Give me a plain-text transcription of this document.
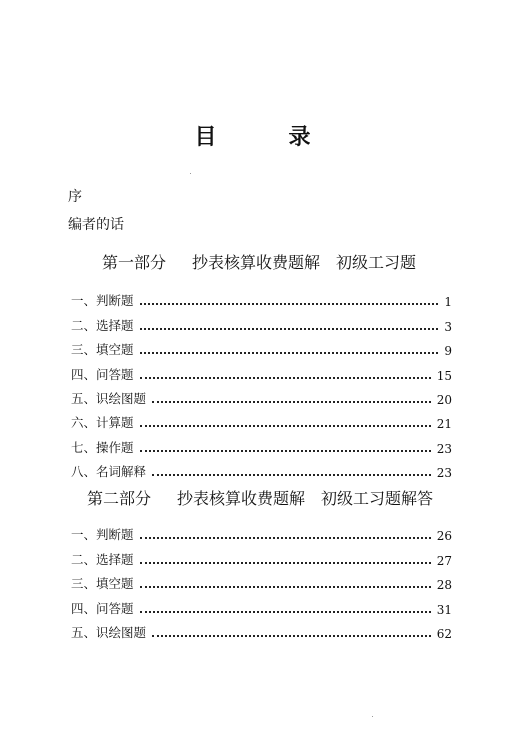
目	录
序
编者的话
第一部分 抄表核算收费题解　初级工习题
一、判断题	1
二、选择题	3
三、填空题	9
四、问答题	15
五、识绘图题	20
六、计算题	21
七、操作题	23
八、名词解释	23
第二部分 抄表核算收费题解　初级工习题解答
一、判断题	26
二、选择题	27
三、填空题	28
四、问答题	31
五、识绘图题	62
